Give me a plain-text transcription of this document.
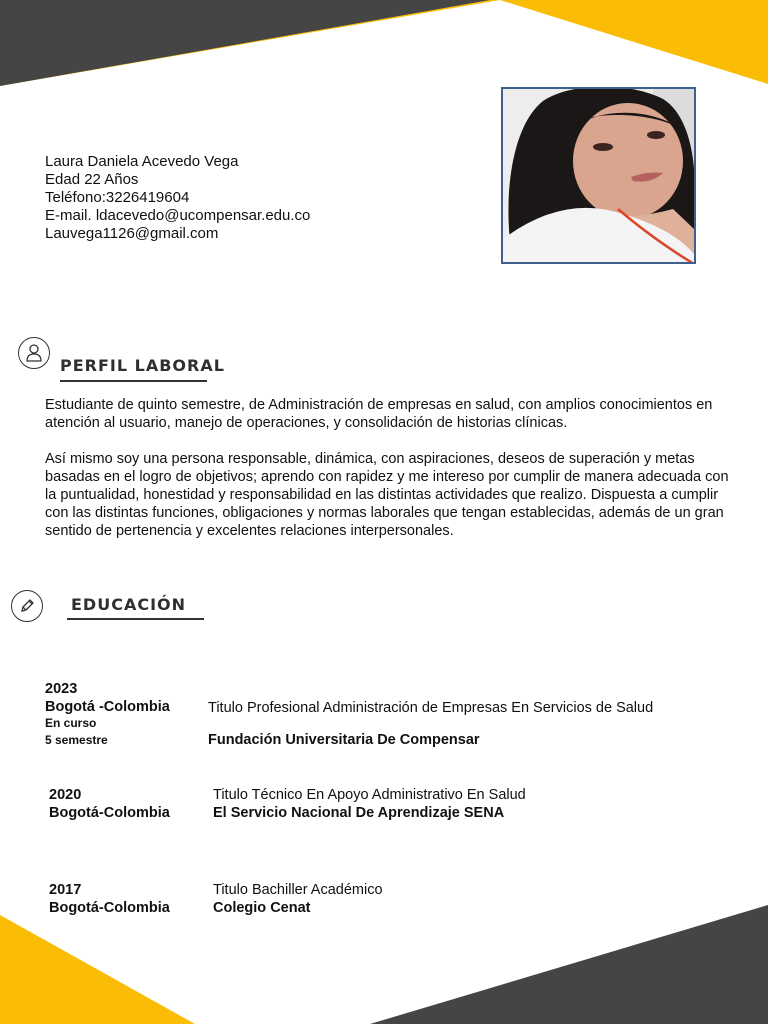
Laura Daniela Acevedo Vega
Edad 22 Años
Teléfono:3226419604
E-mail. ldacevedo@ucompensar.edu.co
Lauvega1126@gmail.com
PERFIL LABORAL

Estudiante de quinto semestre, de Administración de empresas en salud, con amplios conocimientos en atención al usuario, manejo de operaciones, y consolidación de historias clínicas.

Así mismo soy una persona responsable, dinámica, con aspiraciones, deseos de superación y metas basadas en el logro de objetivos; aprendo con rapidez y me intereso por cumplir de manera adecuada con la puntualidad, honestidad y responsabilidad en las distintas actividades que realizo. Dispuesta a cumplir con las distintas funciones, obligaciones y normas laborales que tengan establecidas, además de un gran sentido de pertenencia y excelentes relaciones interpersonales.

EDUCACIÓN
2023
Bogotá -Colombia
En curso
5 semestre
Titulo Profesional Administración de Empresas En Servicios de Salud
Fundación Universitaria De Compensar
2020
Bogotá-Colombia
Titulo Técnico En Apoyo Administrativo En Salud
El Servicio Nacional De Aprendizaje SENA
2017
Bogotá-Colombia
Titulo Bachiller Académico
Colegio Cenat
